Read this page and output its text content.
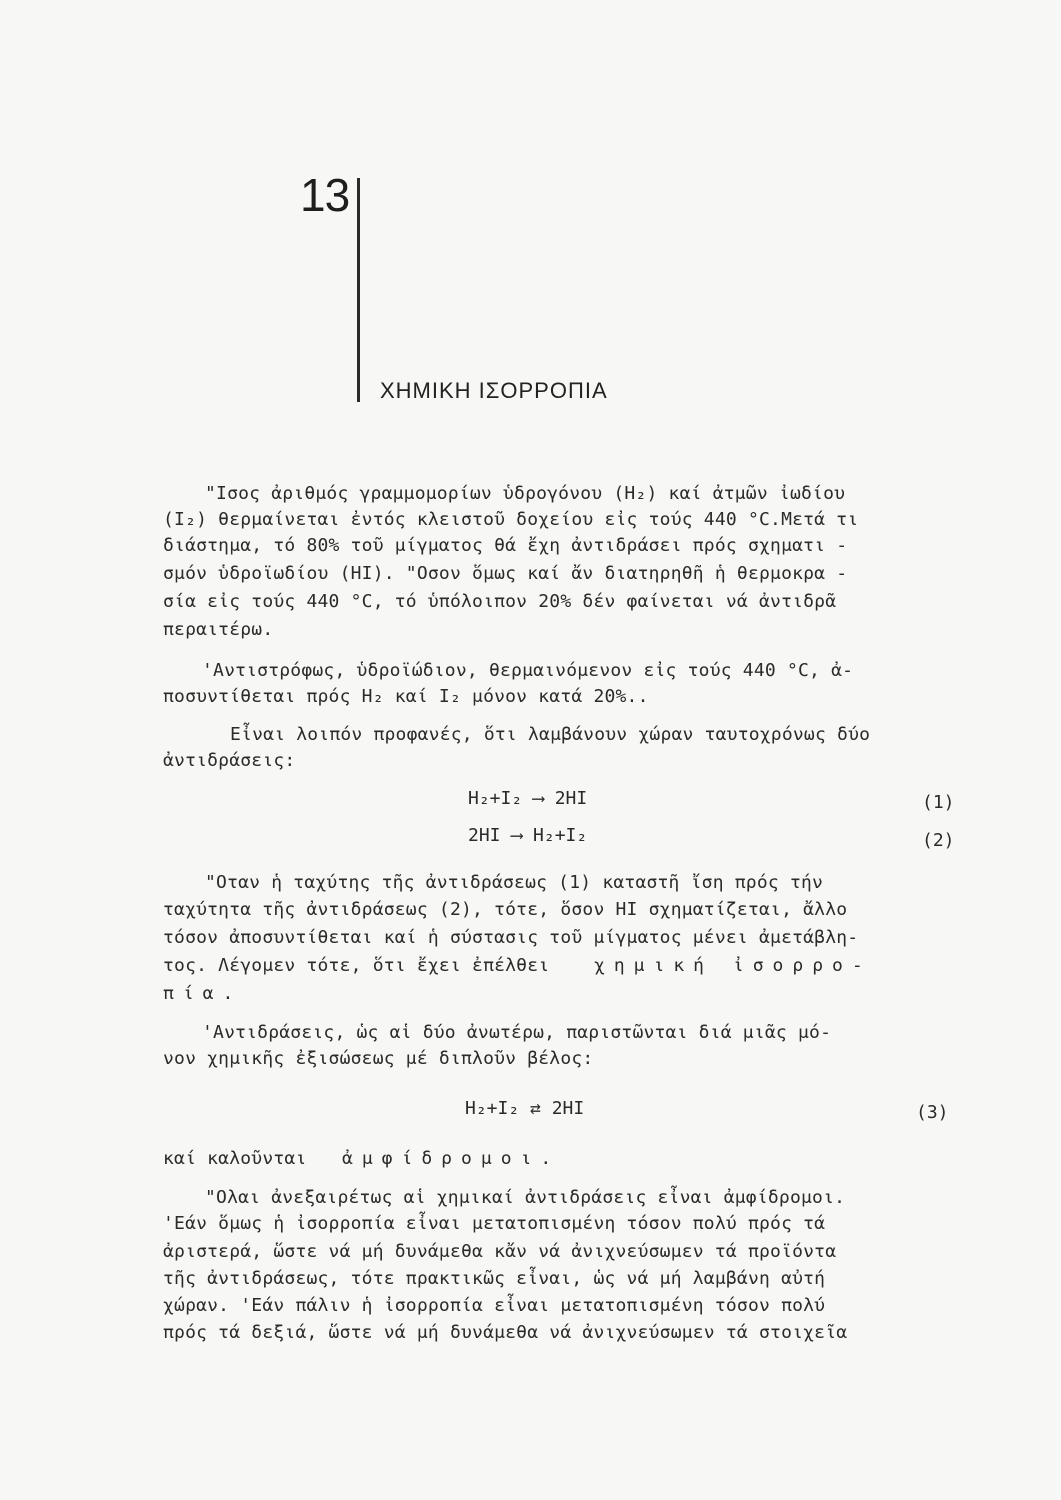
13
ΧΗΜΙΚΗ ΙΣΟΡΡΟΠΙΑ
"Ισος ἀριθμός γραμμομορίων ὑδρογόνου (H₂) καί ἀτμῶν ἰωδίου
(I₂) θερμαίνεται ἐντός κλειστοῦ δοχείου εἰς τούς 440 °C.Μετά τι
διάστημα, τό 80% τοῦ μίγματος θά ἔχη ἀντιδράσει πρός σχηματι -
σμόν ὑδροϊωδίου (HI). "Οσον ὅμως καί ἄν διατηρηθῆ ἡ θερμοκρα -
σία εἰς τούς 440 °C, τό ὑπόλοιπον 20% δέν φαίνεται νά ἀντιδρᾶ
περαιτέρω.
'Αντιστρόφως, ὑδροϊώδιον, θερμαινόμενον εἰς τούς 440 °C, ἀ-
ποσυντίθεται πρός H₂ καί I₂ μόνον κατά 20%..
Εἶναι λοιπόν προφανές, ὅτι λαμβάνουν χώραν ταυτοχρόνως δύο
ἀντιδράσεις:
H₂+I₂ ⟶ 2HI	(1)
2HI ⟶ H₂+I₂	(2)
"Οταν ἡ ταχύτης τῆς ἀντιδράσεως (1) καταστῆ ἴση πρός τήν
ταχύτητα τῆς ἀντιδράσεως (2), τότε, ὅσον HI σχηματίζεται, ἄλλο
τόσον ἀποσυντίθεται καί ἡ σύστασις τοῦ μίγματος μένει ἀμετάβλη-
τος. Λέγομεν τότε, ὅτι ἔχει ἐπέλθει χημική ἰσορρο-
πία.
'Αντιδράσεις, ὡς αἱ δύο ἀνωτέρω, παριστῶνται διά μιᾶς μό-
νον χημικῆς ἐξισώσεως μέ διπλοῦν βέλος:
H₂+I₂ ⇄ 2HI	(3)
καί καλοῦνται ἀμφίδρομοι.
"Ολαι ἀνεξαιρέτως αἱ χημικαί ἀντιδράσεις εἶναι ἀμφίδρομοι.
'Εάν ὅμως ἡ ἰσορροπία εἶναι μετατοπισμένη τόσον πολύ πρός τά
ἀριστερά, ὥστε νά μή δυνάμεθα κἄν νά ἀνιχνεύσωμεν τά προϊόντα
τῆς ἀντιδράσεως, τότε πρακτικῶς εἶναι, ὡς νά μή λαμβάνη αὐτή
χώραν. 'Εάν πάλιν ἡ ἰσορροπία εἶναι μετατοπισμένη τόσον πολύ
πρός τά δεξιά, ὥστε νά μή δυνάμεθα νά ἀνιχνεύσωμεν τά στοιχεῖα
